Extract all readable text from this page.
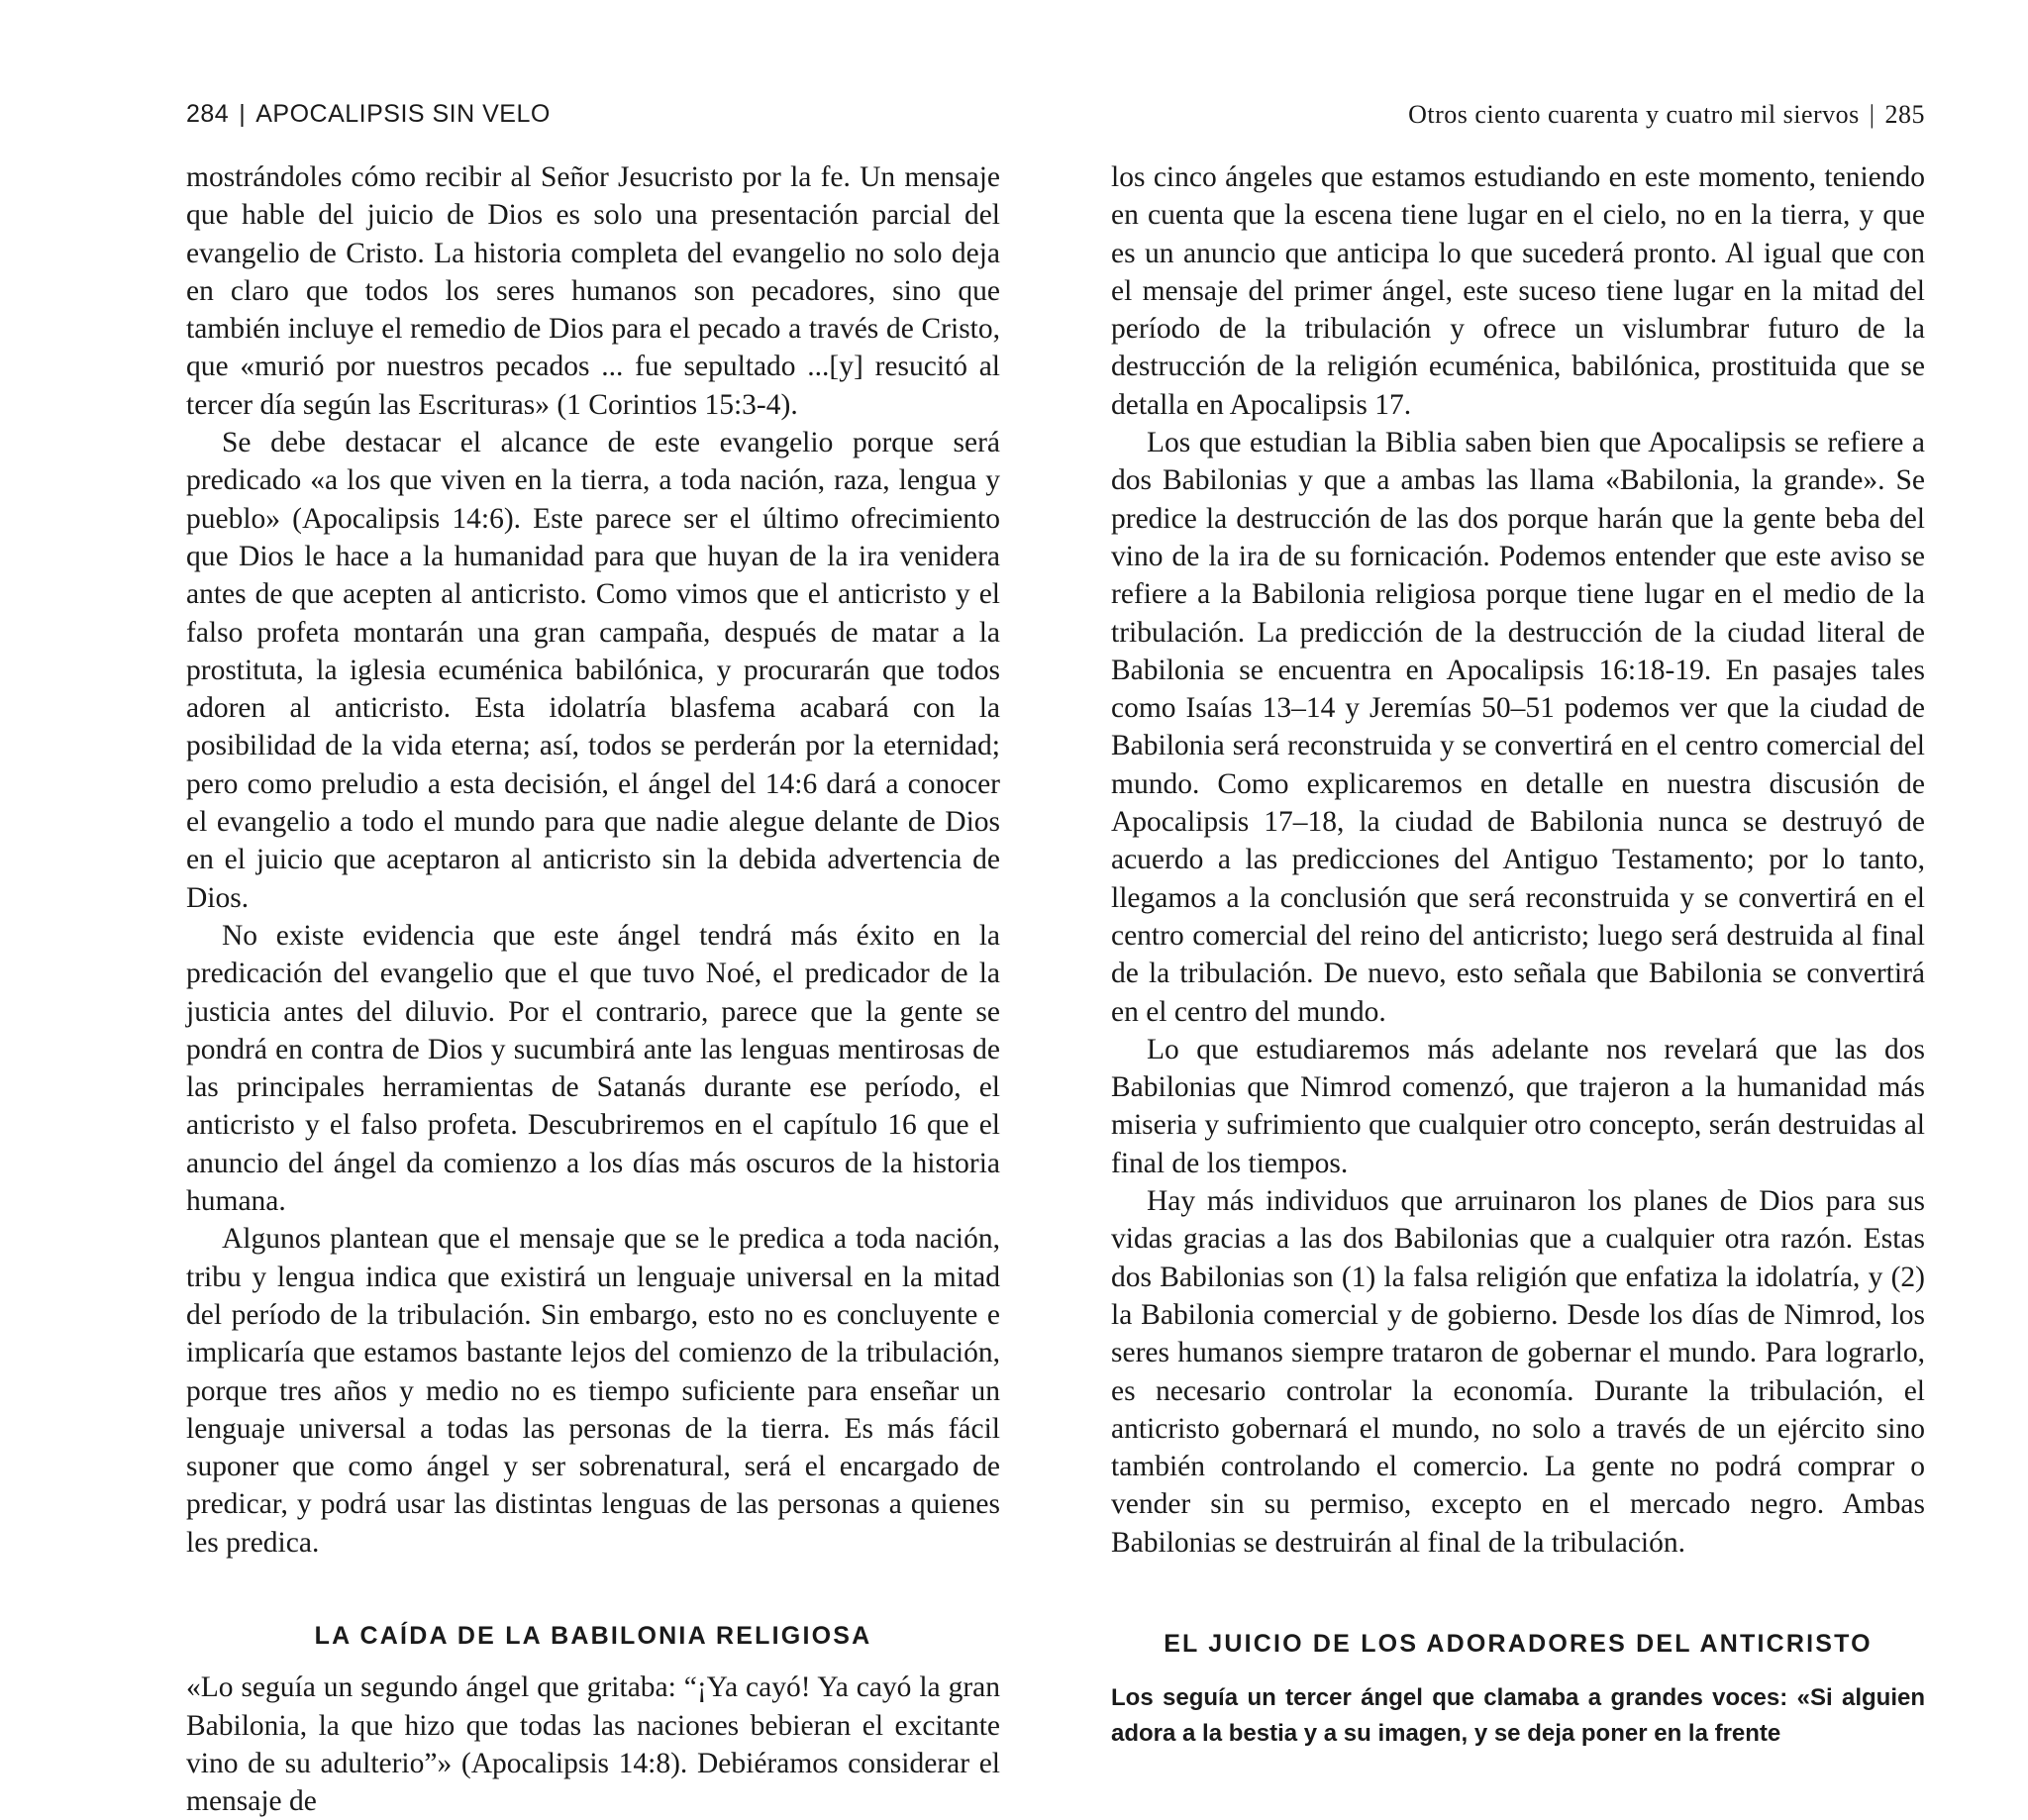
284 | APOCALIPSIS SIN VELO

mostrándoles cómo recibir al Señor Jesucristo por la fe. Un mensaje que hable del juicio de Dios es solo una presentación parcial del evangelio de Cristo. La historia completa del evangelio no solo deja en claro que todos los seres humanos son pecadores, sino que también incluye el remedio de Dios para el pecado a través de Cristo, que «murió por nuestros pecados ... fue sepultado ...[y] resucitó al tercer día según las Escrituras» (1 Corintios 15:3-4).

Se debe destacar el alcance de este evangelio porque será predicado «a los que viven en la tierra, a toda nación, raza, lengua y pueblo» (Apocalipsis 14:6). Este parece ser el último ofrecimiento que Dios le hace a la humanidad para que huyan de la ira venidera antes de que acepten al anticristo. Como vimos que el anticristo y el falso profeta montarán una gran campaña, después de matar a la prostituta, la iglesia ecuménica babilónica, y procurarán que todos adoren al anticristo. Esta idolatría blasfema acabará con la posibilidad de la vida eterna; así, todos se perderán por la eternidad; pero como preludio a esta decisión, el ángel del 14:6 dará a conocer el evangelio a todo el mundo para que nadie alegue delante de Dios en el juicio que aceptaron al anticristo sin la debida advertencia de Dios.

No existe evidencia que este ángel tendrá más éxito en la predicación del evangelio que el que tuvo Noé, el predicador de la justicia antes del diluvio. Por el contrario, parece que la gente se pondrá en contra de Dios y sucumbirá ante las lenguas mentirosas de las principales herramientas de Satanás durante ese período, el anticristo y el falso profeta. Descubriremos en el capítulo 16 que el anuncio del ángel da comienzo a los días más oscuros de la historia humana.

Algunos plantean que el mensaje que se le predica a toda nación, tribu y lengua indica que existirá un lenguaje universal en la mitad del período de la tribulación. Sin embargo, esto no es concluyente e implicaría que estamos bastante lejos del comienzo de la tribulación, porque tres años y medio no es tiempo suficiente para enseñar un lenguaje universal a todas las personas de la tierra. Es más fácil suponer que como ángel y ser sobrenatural, será el encargado de predicar, y podrá usar las distintas lenguas de las personas a quienes les predica.

LA CAÍDA DE LA BABILONIA RELIGIOSA

«Lo seguía un segundo ángel que gritaba: “¡Ya cayó! Ya cayó la gran Babilonia, la que hizo que todas las naciones bebieran el excitante vino de su adulterio”» (Apocalipsis 14:8). Debiéramos considerar el mensaje de

Otros ciento cuarenta y cuatro mil siervos | 285

los cinco ángeles que estamos estudiando en este momento, teniendo en cuenta que la escena tiene lugar en el cielo, no en la tierra, y que es un anuncio que anticipa lo que sucederá pronto. Al igual que con el mensaje del primer ángel, este suceso tiene lugar en la mitad del período de la tribulación y ofrece un vislumbrar futuro de la destrucción de la religión ecuménica, babilónica, prostituida que se detalla en Apocalipsis 17.

Los que estudian la Biblia saben bien que Apocalipsis se refiere a dos Babilonias y que a ambas las llama «Babilonia, la grande». Se predice la destrucción de las dos porque harán que la gente beba del vino de la ira de su fornicación. Podemos entender que este aviso se refiere a la Babilonia religiosa porque tiene lugar en el medio de la tribulación. La predicción de la destrucción de la ciudad literal de Babilonia se encuentra en Apocalipsis 16:18-19. En pasajes tales como Isaías 13–14 y Jeremías 50–51 podemos ver que la ciudad de Babilonia será reconstruida y se convertirá en el centro comercial del mundo. Como explicaremos en detalle en nuestra discusión de Apocalipsis 17–18, la ciudad de Babilonia nunca se destruyó de acuerdo a las predicciones del Antiguo Testamento; por lo tanto, llegamos a la conclusión que será reconstruida y se convertirá en el centro comercial del reino del anticristo; luego será destruida al final de la tribulación. De nuevo, esto señala que Babilonia se convertirá en el centro del mundo.

Lo que estudiaremos más adelante nos revelará que las dos Babilonias que Nimrod comenzó, que trajeron a la humanidad más miseria y sufrimiento que cualquier otro concepto, serán destruidas al final de los tiempos.

Hay más individuos que arruinaron los planes de Dios para sus vidas gracias a las dos Babilonias que a cualquier otra razón. Estas dos Babilonias son (1) la falsa religión que enfatiza la idolatría, y (2) la Babilonia comercial y de gobierno. Desde los días de Nimrod, los seres humanos siempre trataron de gobernar el mundo. Para lograrlo, es necesario controlar la economía. Durante la tribulación, el anticristo gobernará el mundo, no solo a través de un ejército sino también controlando el comercio. La gente no podrá comprar o vender sin su permiso, excepto en el mercado negro. Ambas Babilonias se destruirán al final de la tribulación.

EL JUICIO DE LOS ADORADORES DEL ANTICRISTO

Los seguía un tercer ángel que clamaba a grandes voces: «Si alguien adora a la bestia y a su imagen, y se deja poner en la frente
